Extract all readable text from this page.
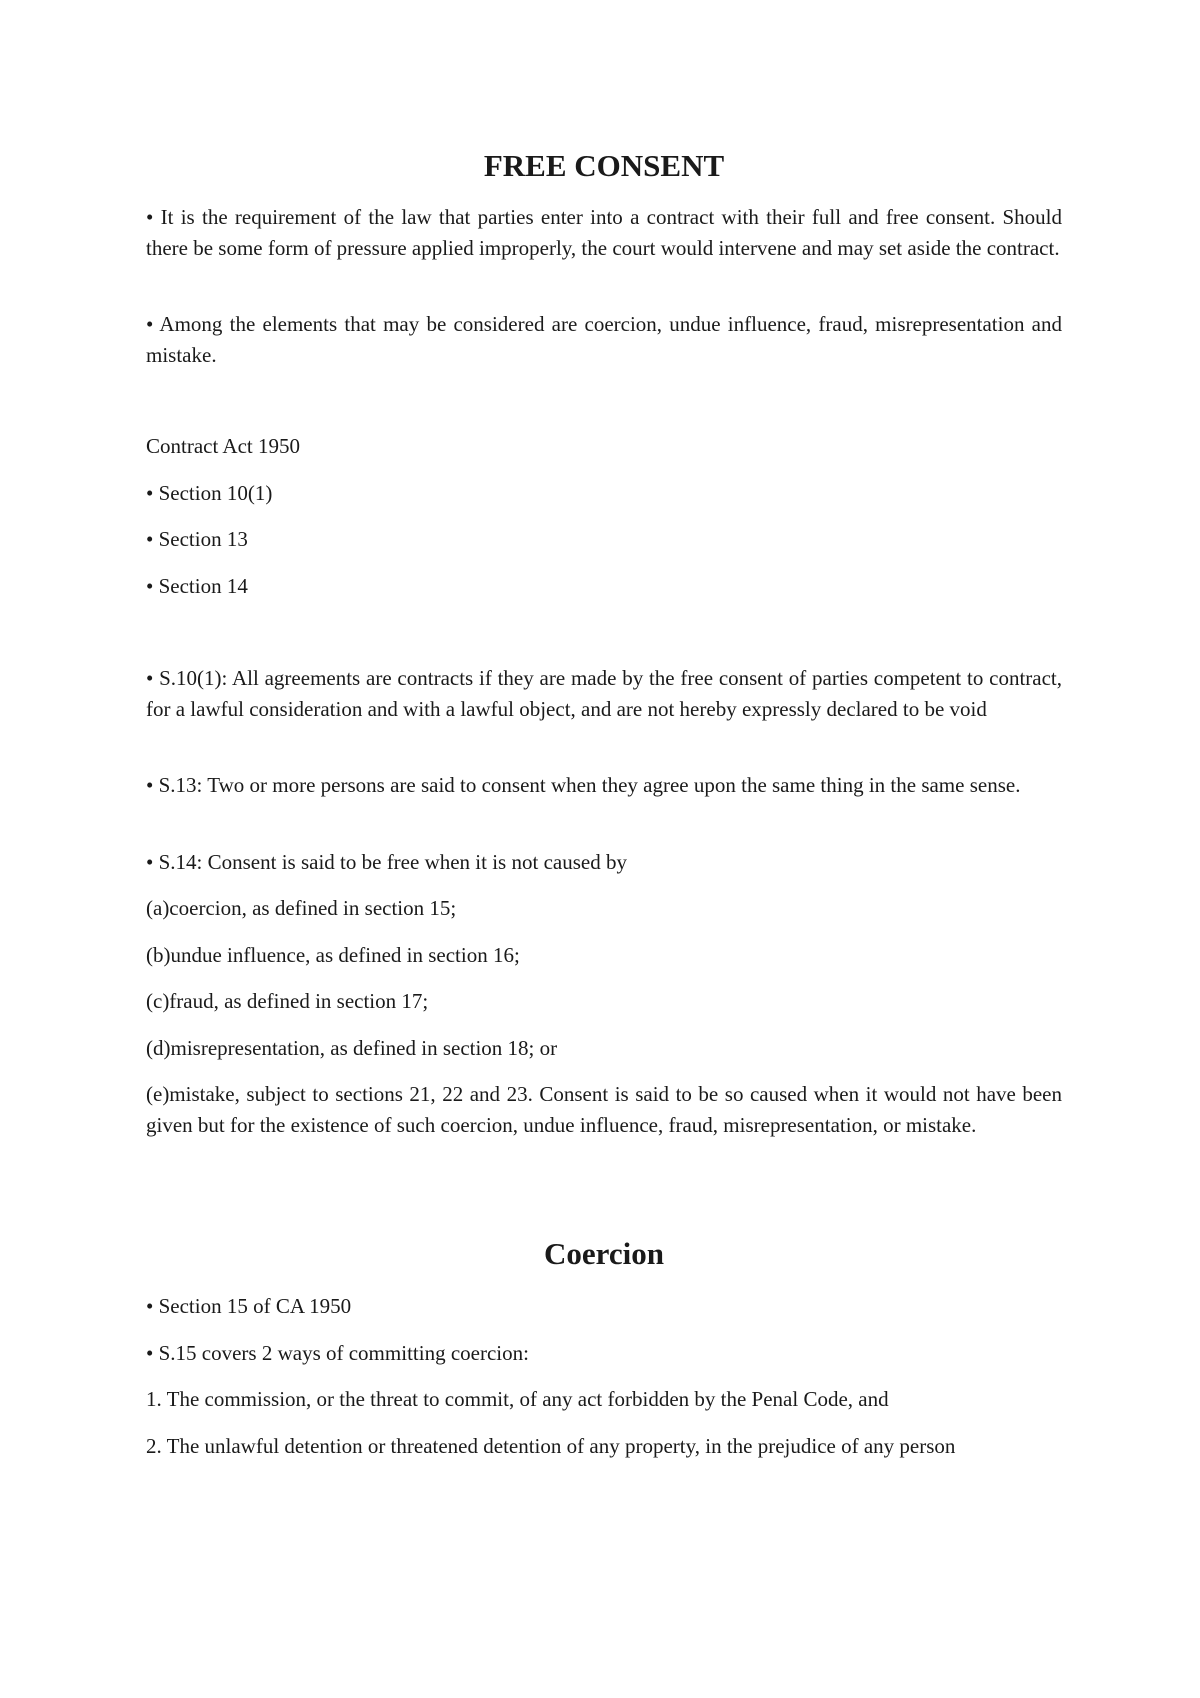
FREE CONSENT

• It is the requirement of the law that parties enter into a contract with their full and free consent. Should there be some form of pressure applied improperly, the court would intervene and may set aside the contract.

• Among the elements that may be considered are coercion, undue influence, fraud, misrepresentation and mistake.

Contract Act 1950

• Section 10(1)

• Section 13

• Section 14

• S.10(1): All agreements are contracts if they are made by the free consent of parties competent to contract, for a lawful consideration and with a lawful object, and are not hereby expressly declared to be void

• S.13: Two or more persons are said to consent when they agree upon the same thing in the same sense.

• S.14: Consent is said to be free when it is not caused by

(a)coercion, as defined in section 15;

(b)undue influence, as defined in section 16;

(c)fraud, as defined in section 17;

(d)misrepresentation, as defined in section 18; or

(e)mistake, subject to sections 21, 22 and 23. Consent is said to be so caused when it would not have been given but for the existence of such coercion, undue influence, fraud, misrepresentation, or mistake.

Coercion

• Section 15 of CA 1950

• S.15 covers 2 ways of committing coercion:

1. The commission, or the threat to commit, of any act forbidden by the Penal Code, and

2. The unlawful detention or threatened detention of any property, in the prejudice of any person
